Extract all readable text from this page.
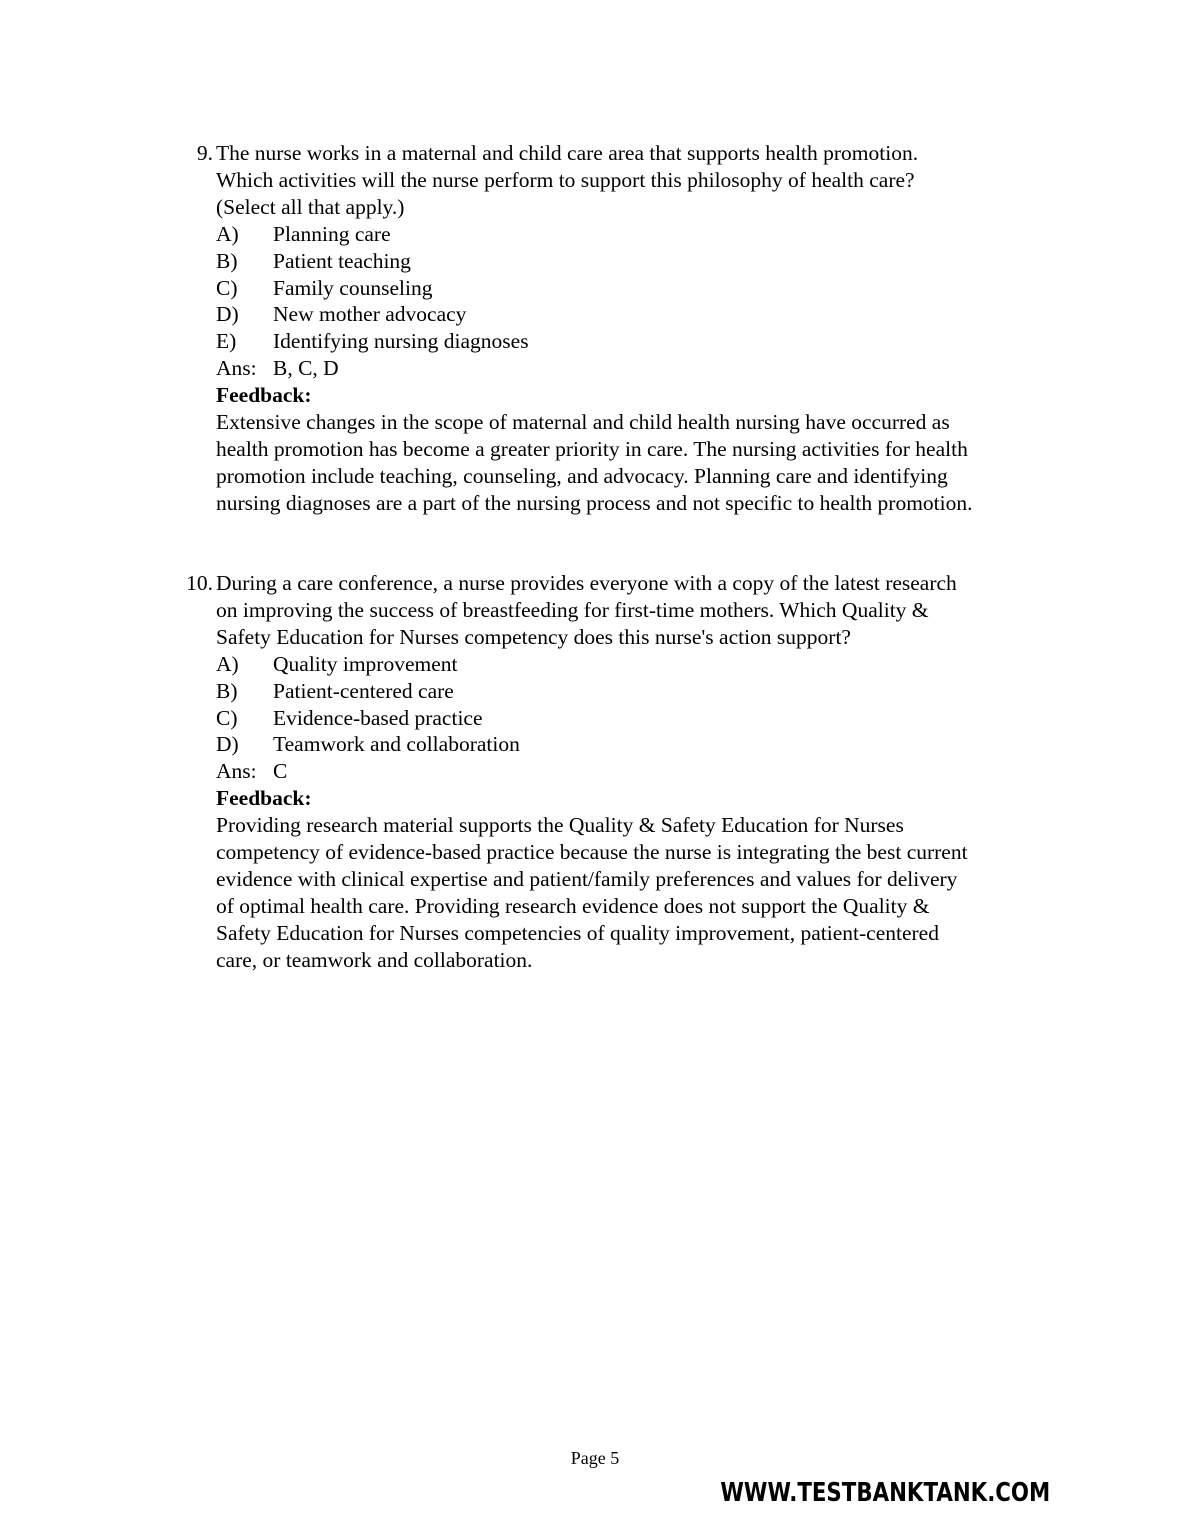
9. The nurse works in a maternal and child care area that supports health promotion.
Which activities will the nurse perform to support this philosophy of health care?
(Select all that apply.)
A)	Planning care
B)	Patient teaching
C)	Family counseling
D)	New mother advocacy
E)	Identifying nursing diagnoses
Ans: B, C, D
Feedback:
Extensive changes in the scope of maternal and child health nursing have occurred as
health promotion has become a greater priority in care. The nursing activities for health
promotion include teaching, counseling, and advocacy. Planning care and identifying
nursing diagnoses are a part of the nursing process and not specific to health promotion.
10. During a care conference, a nurse provides everyone with a copy of the latest research
on improving the success of breastfeeding for first-time mothers. Which Quality &
Safety Education for Nurses competency does this nurse's action support?
A)	Quality improvement
B)	Patient-centered care
C)	Evidence-based practice
D)	Teamwork and collaboration
Ans: C
Feedback:
Providing research material supports the Quality & Safety Education for Nurses
competency of evidence-based practice because the nurse is integrating the best current
evidence with clinical expertise and patient/family preferences and values for delivery
of optimal health care. Providing research evidence does not support the Quality &
Safety Education for Nurses competencies of quality improvement, patient-centered
care, or teamwork and collaboration.
Page 5
WWW.TESTBANKTANK.COM
